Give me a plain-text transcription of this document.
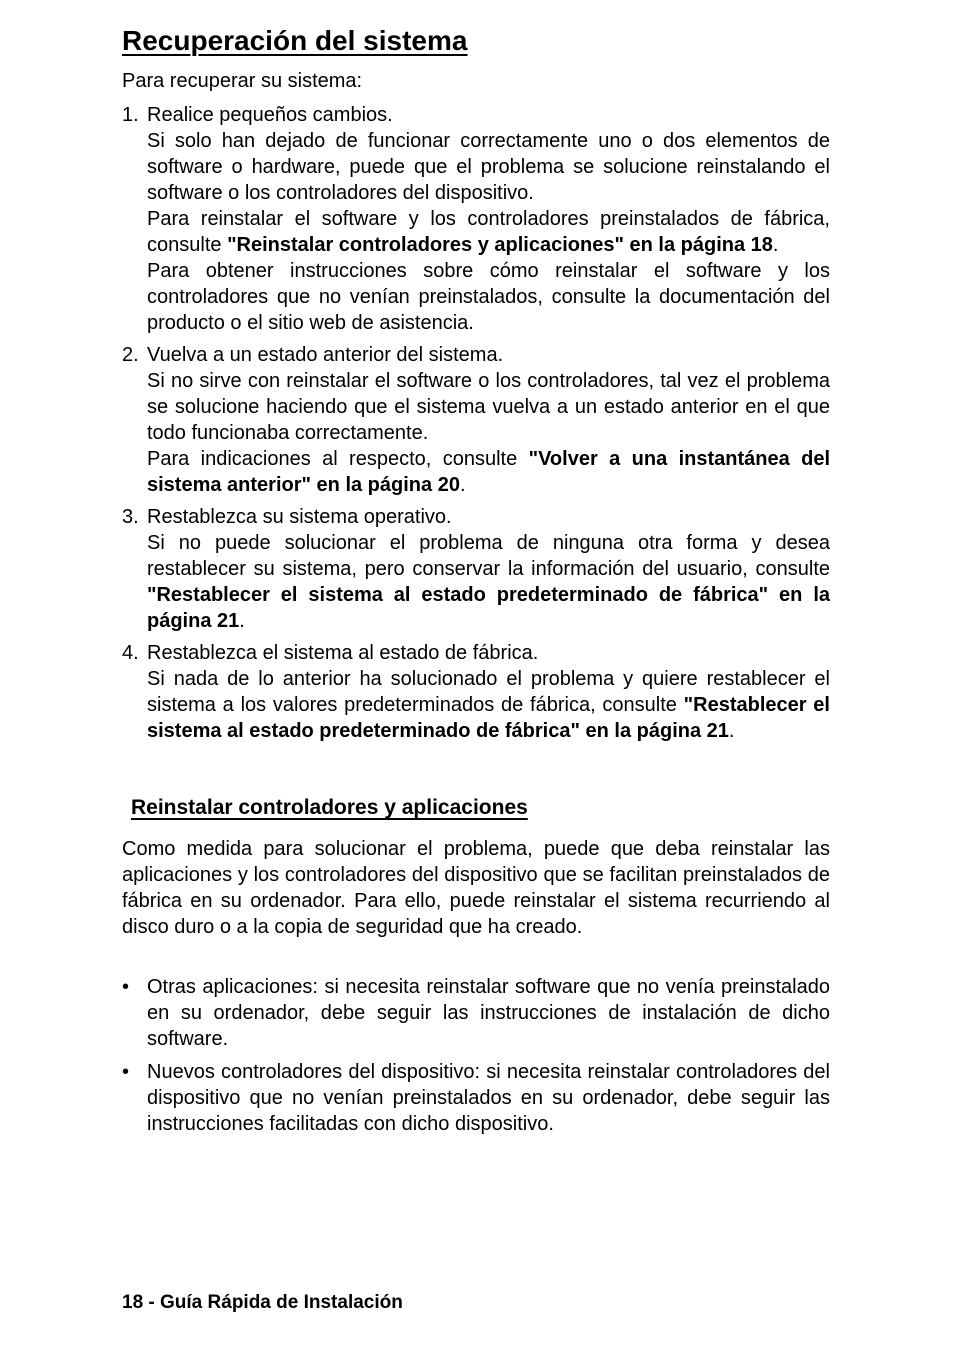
Recuperación del sistema

Para recuperar su sistema:

1. Realice pequeños cambios.

Si solo han dejado de funcionar correctamente uno o dos elementos de software o hardware, puede que el problema se solucione reinstalando el software o los controladores del dispositivo.

Para reinstalar el software y los controladores preinstalados de fábrica, consulte "Reinstalar controladores y aplicaciones" en la página 18.

Para obtener instrucciones sobre cómo reinstalar el software y los controladores que no venían preinstalados, consulte la documentación del producto o el sitio web de asistencia.

2. Vuelva a un estado anterior del sistema.

Si no sirve con reinstalar el software o los controladores, tal vez el problema se solucione haciendo que el sistema vuelva a un estado anterior en el que todo funcionaba correctamente.

Para indicaciones al respecto, consulte "Volver a una instantánea del sistema anterior" en la página 20.

3. Restablezca su sistema operativo.

Si no puede solucionar el problema de ninguna otra forma y desea restablecer su sistema, pero conservar la información del usuario, consulte "Restablecer el sistema al estado predeterminado de fábrica" en la página 21.

4. Restablezca el sistema al estado de fábrica.

Si nada de lo anterior ha solucionado el problema y quiere restablecer el sistema a los valores predeterminados de fábrica, consulte "Restablecer el sistema al estado predeterminado de fábrica" en la página 21.

Reinstalar controladores y aplicaciones

Como medida para solucionar el problema, puede que deba reinstalar las aplicaciones y los controladores del dispositivo que se facilitan preinstalados de fábrica en su ordenador. Para ello, puede reinstalar el sistema recurriendo al disco duro o a la copia de seguridad que ha creado.

• Otras aplicaciones: si necesita reinstalar software que no venía preinstalado en su ordenador, debe seguir las instrucciones de instalación de dicho software.

• Nuevos controladores del dispositivo: si necesita reinstalar controladores del dispositivo que no venían preinstalados en su ordenador, debe seguir las instrucciones facilitadas con dicho dispositivo.

18 - Guía Rápida de Instalación
